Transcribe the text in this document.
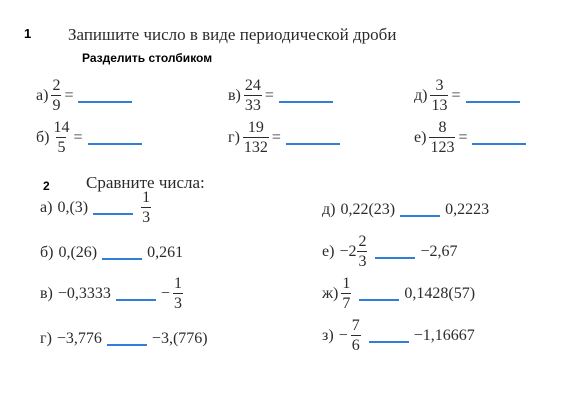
1 Запишите число в виде периодической дроби
Разделить столбиком
$а) \frac{2}{9}$ =
$б) \frac{14}{5}$ =
$в) \frac{24}{33}$ =
$г) \frac{19}{132}$ =
$д) \frac{3}{13}$ =
$е) \frac{8}{123}$ =
2 Сравните числа:
а) 0,(3)	$\frac{1}{3}$
б) 0,(26)	0,261
в) −0,3333	− $\frac{1}{3}$
г) −3,776	−3,(776)
д) 0,22(23)	0,2223
$е) -2 \frac{2}{3}$	−2,67
$ж) \frac{1}{7}$	0,1428(57)
$з) - \frac{7}{6}$	−1,16667
